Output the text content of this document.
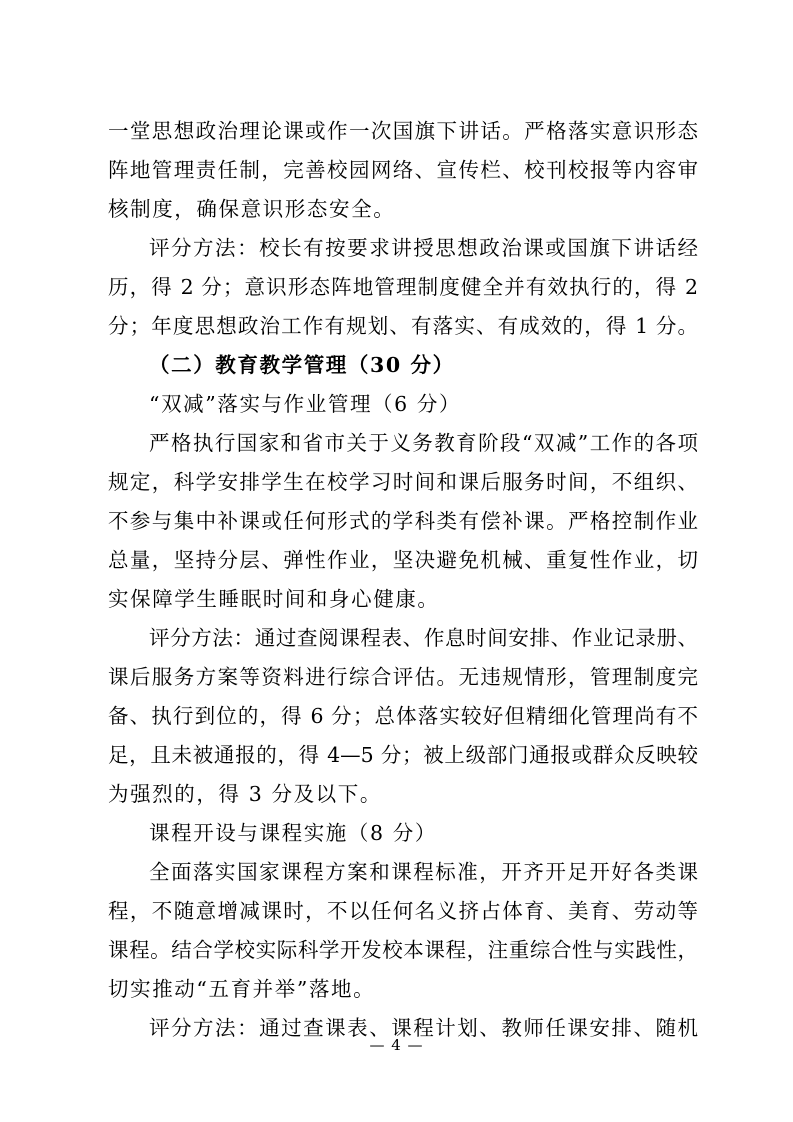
一堂思想政治理论课或作一次国旗下讲话。严格落实意识形态
阵地管理责任制，完善校园网络、宣传栏、校刊校报等内容审
核制度，确保意识形态安全。
评分方法：校长有按要求讲授思想政治课或国旗下讲话经
历，得 2 分；意识形态阵地管理制度健全并有效执行的，得 2
分；年度思想政治工作有规划、有落实、有成效的，得 1 分。
（二）教育教学管理（30 分）
“双减”落实与作业管理（6 分）
严格执行国家和省市关于义务教育阶段“双减”工作的各项
规定，科学安排学生在校学习时间和课后服务时间，不组织、
不参与集中补课或任何形式的学科类有偿补课。严格控制作业
总量，坚持分层、弹性作业，坚决避免机械、重复性作业，切
实保障学生睡眠时间和身心健康。
评分方法：通过查阅课程表、作息时间安排、作业记录册、
课后服务方案等资料进行综合评估。无违规情形，管理制度完
备、执行到位的，得 6 分；总体落实较好但精细化管理尚有不
足，且未被通报的，得 4—5 分；被上级部门通报或群众反映较
为强烈的，得 3 分及以下。
课程开设与课程实施（8 分）
全面落实国家课程方案和课程标准，开齐开足开好各类课
程，不随意增减课时，不以任何名义挤占体育、美育、劳动等
课程。结合学校实际科学开发校本课程，注重综合性与实践性，
切实推动“五育并举”落地。
评分方法：通过查课表、课程计划、教师任课安排、随机
— 4 —
